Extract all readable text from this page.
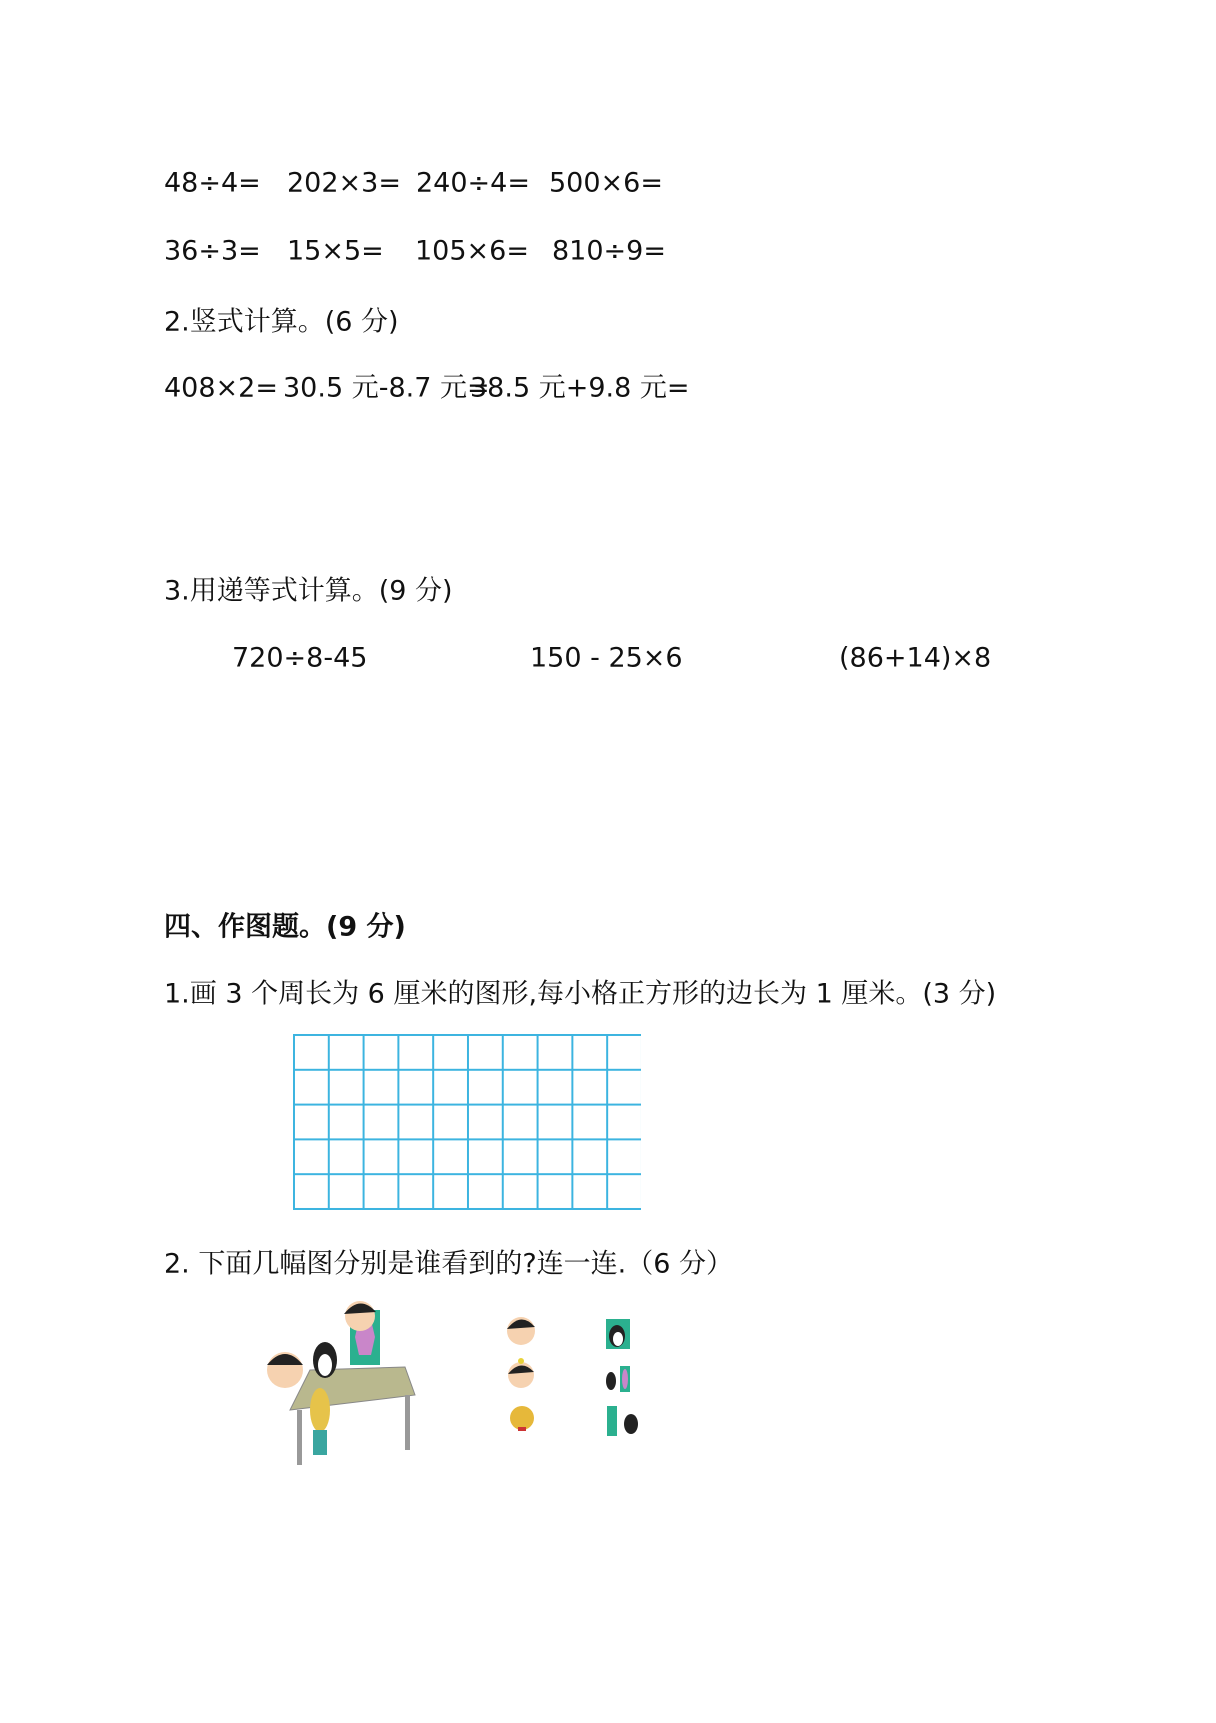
48÷4= 202×3= 240÷4= 500×6=
36÷3= 15×5= 105×6= 810÷9=
2.竖式计算。(6 分)
408×2= 30.5 元-8.7 元=
38.5 元+9.8 元=
3.用递等式计算。(9 分)
720÷8-45	150 - 25×6	(86+14)×8
四、作图题。(9 分)
1.画 3 个周长为 6 厘米的图形,每小格正方形的边长为 1 厘米。(3 分)
2. 下面几幅图分别是谁看到的?连一连.（6 分）
